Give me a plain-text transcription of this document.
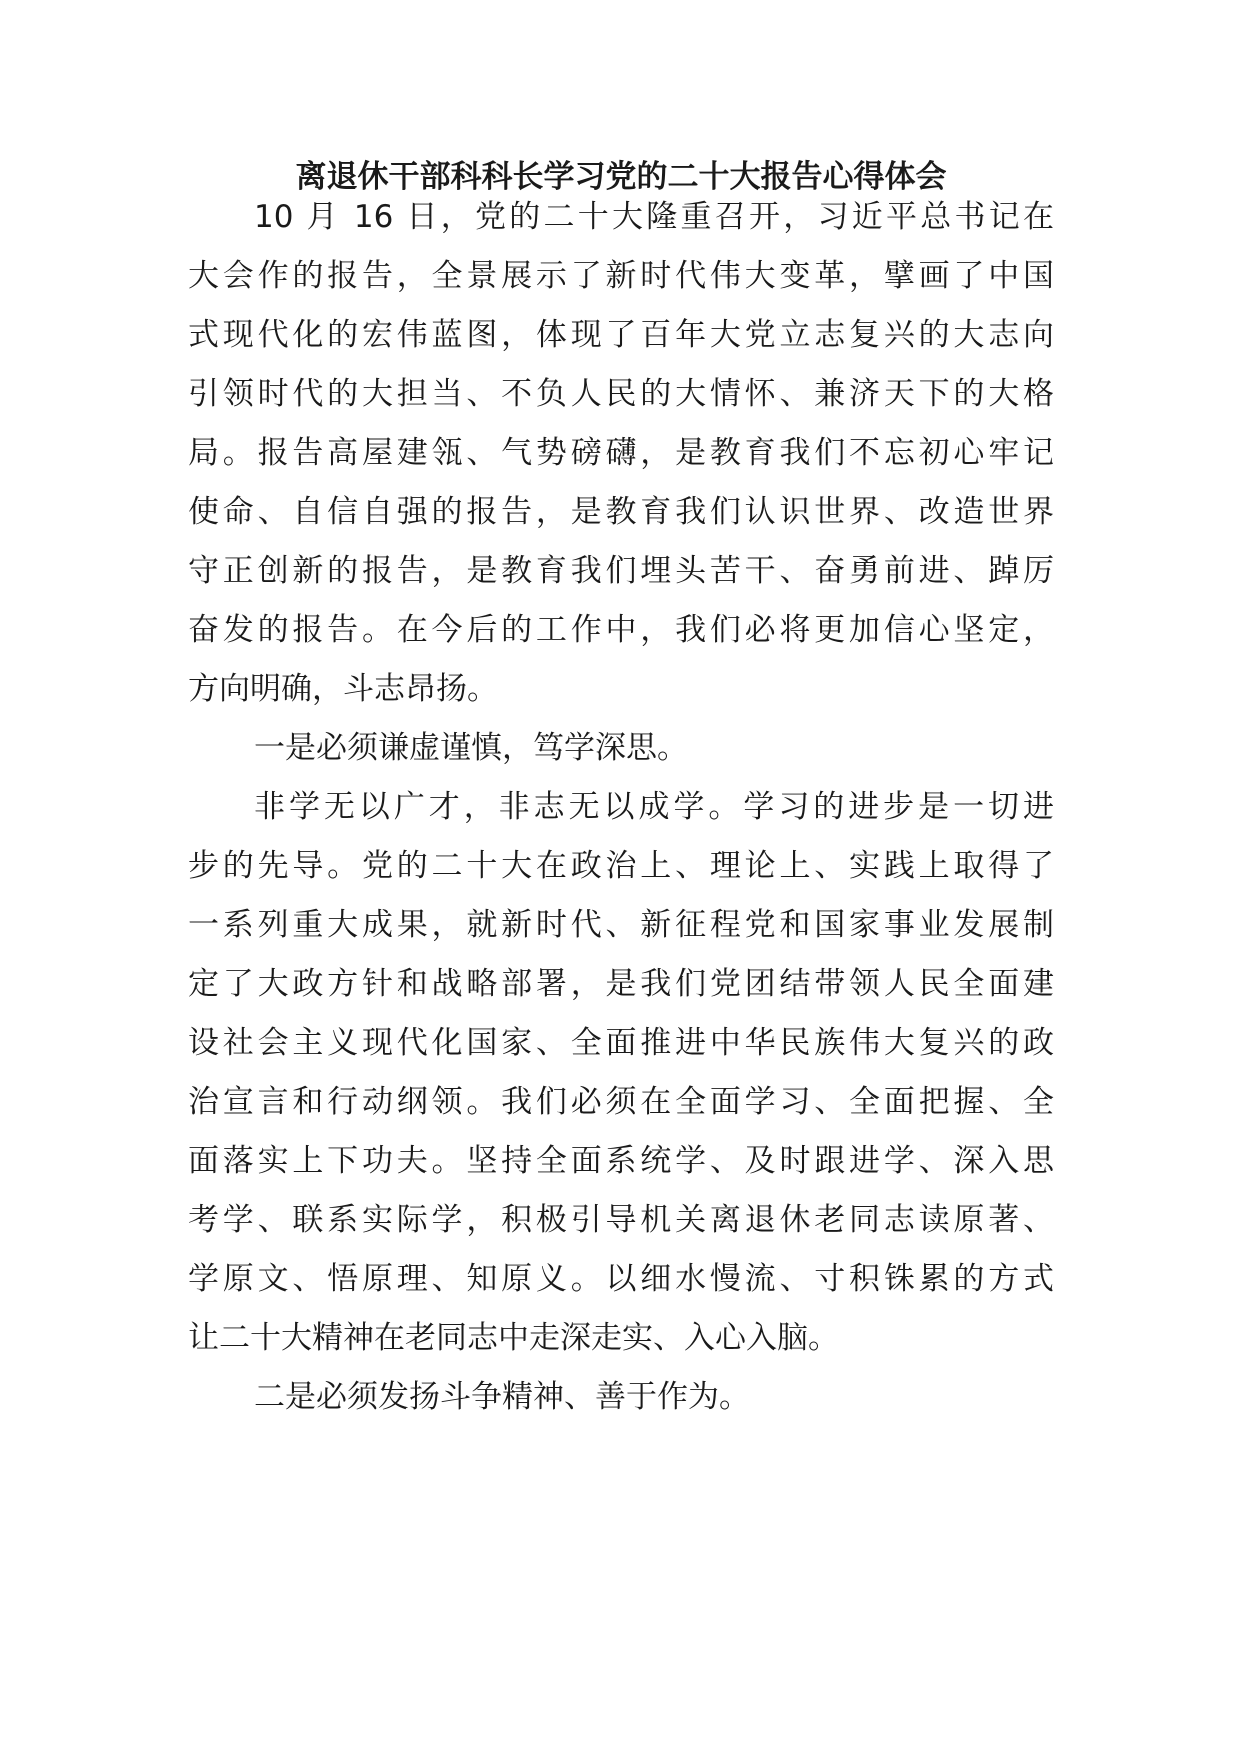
离退休干部科科长学习党的二十大报告心得体会

10 月 16 日，党的二十大隆重召开，习近平总书记在

大会作的报告，全景展示了新时代伟大变革，擘画了中国

式现代化的宏伟蓝图，体现了百年大党立志复兴的大志向

引领时代的大担当、不负人民的大情怀、兼济天下的大格

局。报告高屋建瓴、气势磅礴，是教育我们不忘初心牢记

使命、自信自强的报告，是教育我们认识世界、改造世界

守正创新的报告，是教育我们埋头苦干、奋勇前进、踔厉

奋发的报告。在今后的工作中，我们必将更加信心坚定，

方向明确，斗志昂扬。

一是必须谦虚谨慎，笃学深思。

非学无以广才，非志无以成学。学习的进步是一切进

步的先导。党的二十大在政治上、理论上、实践上取得了

一系列重大成果，就新时代、新征程党和国家事业发展制

定了大政方针和战略部署，是我们党团结带领人民全面建

设社会主义现代化国家、全面推进中华民族伟大复兴的政

治宣言和行动纲领。我们必须在全面学习、全面把握、全

面落实上下功夫。坚持全面系统学、及时跟进学、深入思

考学、联系实际学，积极引导机关离退休老同志读原著、

学原文、悟原理、知原义。以细水慢流、寸积铢累的方式

让二十大精神在老同志中走深走实、入心入脑。

二是必须发扬斗争精神、善于作为。
